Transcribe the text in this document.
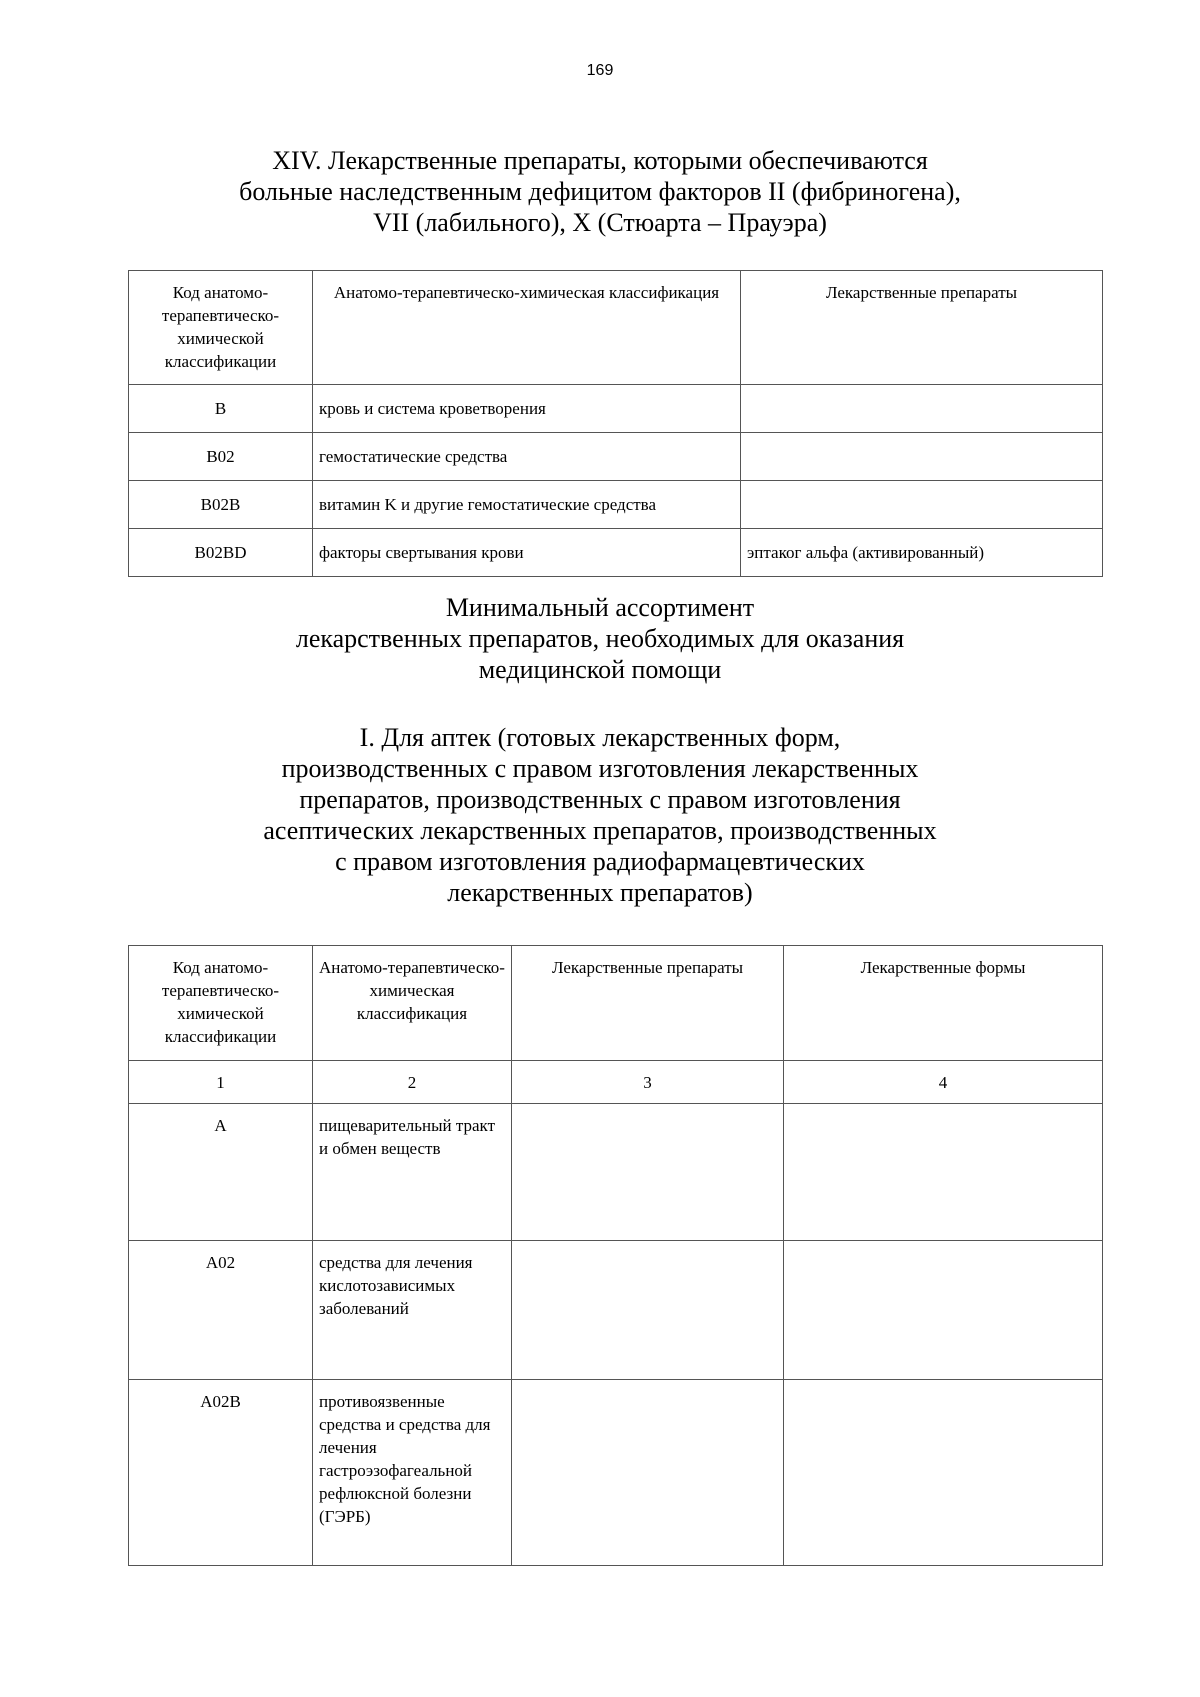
169
XIV. Лекарственные препараты, которыми обеспечиваются
больные наследственным дефицитом факторов II (фибриногена),
VII (лабильного), X (Стюарта – Прауэра)
Код анатомо-терапевтическо-химической классификации	Анатомо-терапевтическо-химическая классификация	Лекарственные препараты
B	кровь и система кроветворения	
B02	гемостатические средства	
B02B	витамин K и другие гемостатические средства	
B02BD	факторы свертывания крови	эптаког альфа (активированный)
Минимальный ассортимент
лекарственных препаратов, необходимых для оказания
медицинской помощи
I. Для аптек (готовых лекарственных форм,
производственных с правом изготовления лекарственных
препаратов, производственных с правом изготовления
асептических лекарственных препаратов, производственных
с правом изготовления радиофармацевтических
лекарственных препаратов)
Код анатомо-терапевтическо-химической классификации	Анатомо-терапевтическо-химическая классификация	Лекарственные препараты	Лекарственные формы
1	2	3	4
A	пищеварительный тракт и обмен веществ		
A02	средства для лечения кислотозависимых заболеваний		
A02B	противоязвенные средства и средства для лечения гастроэзофагеальной рефлюксной болезни (ГЭРБ)		
